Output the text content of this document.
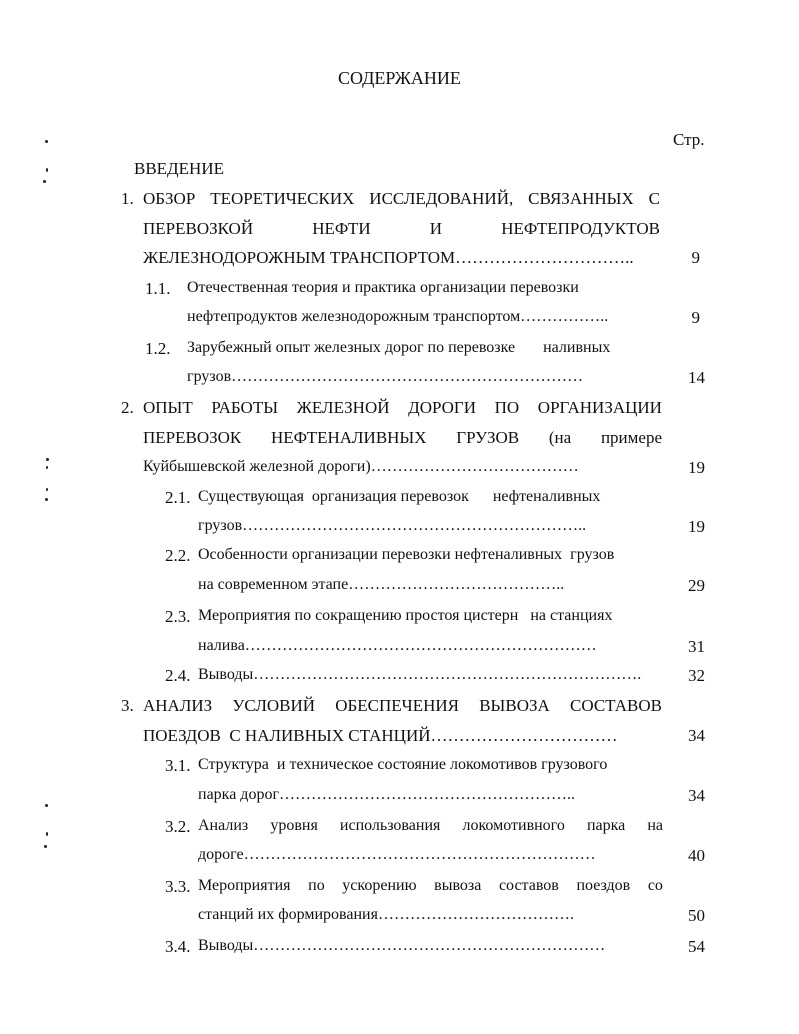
СОДЕРЖАНИЕ
Стр.
ВВЕДЕНИЕ
1. ОБЗОР ТЕОРЕТИЧЕСКИХ ИССЛЕДОВАНИЙ, СВЯЗАННЫХ С
ПЕРЕВОЗКОЙ	НЕФТИ	И	НЕФТЕПРОДУКТОВ
ЖЕЛЕЗНОДОРОЖНЫМ ТРАНСПОРТОМ…………………………..	9
1.1. Отечественная теория и практика организации перевозки
нефтепродуктов железнодорожным транспортом……………..	9
1.2. Зарубежный опыт железных дорог по перевозке       наливных
грузов…………………………………………………………	14
2. ОПЫТ РАБОТЫ ЖЕЛЕЗНОЙ ДОРОГИ ПО ОРГАНИЗАЦИИ
ПЕРЕВОЗОК НЕФТЕНАЛИВНЫХ ГРУЗОВ (на примере
Куйбышевской железной дороги)…………………………………	19
2.1. Существующая  организация перевозок      нефтеналивных
грузов………………………………………………………..	19
2.2. Особенности организации перевозки нефтеналивных  грузов
на современном этапе…………………………………..	29
2.3. Мероприятия по сокращению простоя цистерн   на станциях
налива…………………………………………………………	31
2.4. Выводы……………………………………………………………….	32
3. АНАЛИЗ УСЛОВИЙ ОБЕСПЕЧЕНИЯ ВЫВОЗА СОСТАВОВ
ПОЕЗДОВ  С НАЛИВНЫХ СТАНЦИЙ……………………………	34
3.1. Структура  и техническое состояние локомотивов грузового
парка дорог………………………………………………..	34
3.2. Анализ уровня использования локомотивного парка на
дороге…………………………………………………………	40
3.3. Мероприятия по ускорению вывоза составов поездов со
станций их формирования……………………………….	50
3.4. Выводы…………………………………………………………	54
